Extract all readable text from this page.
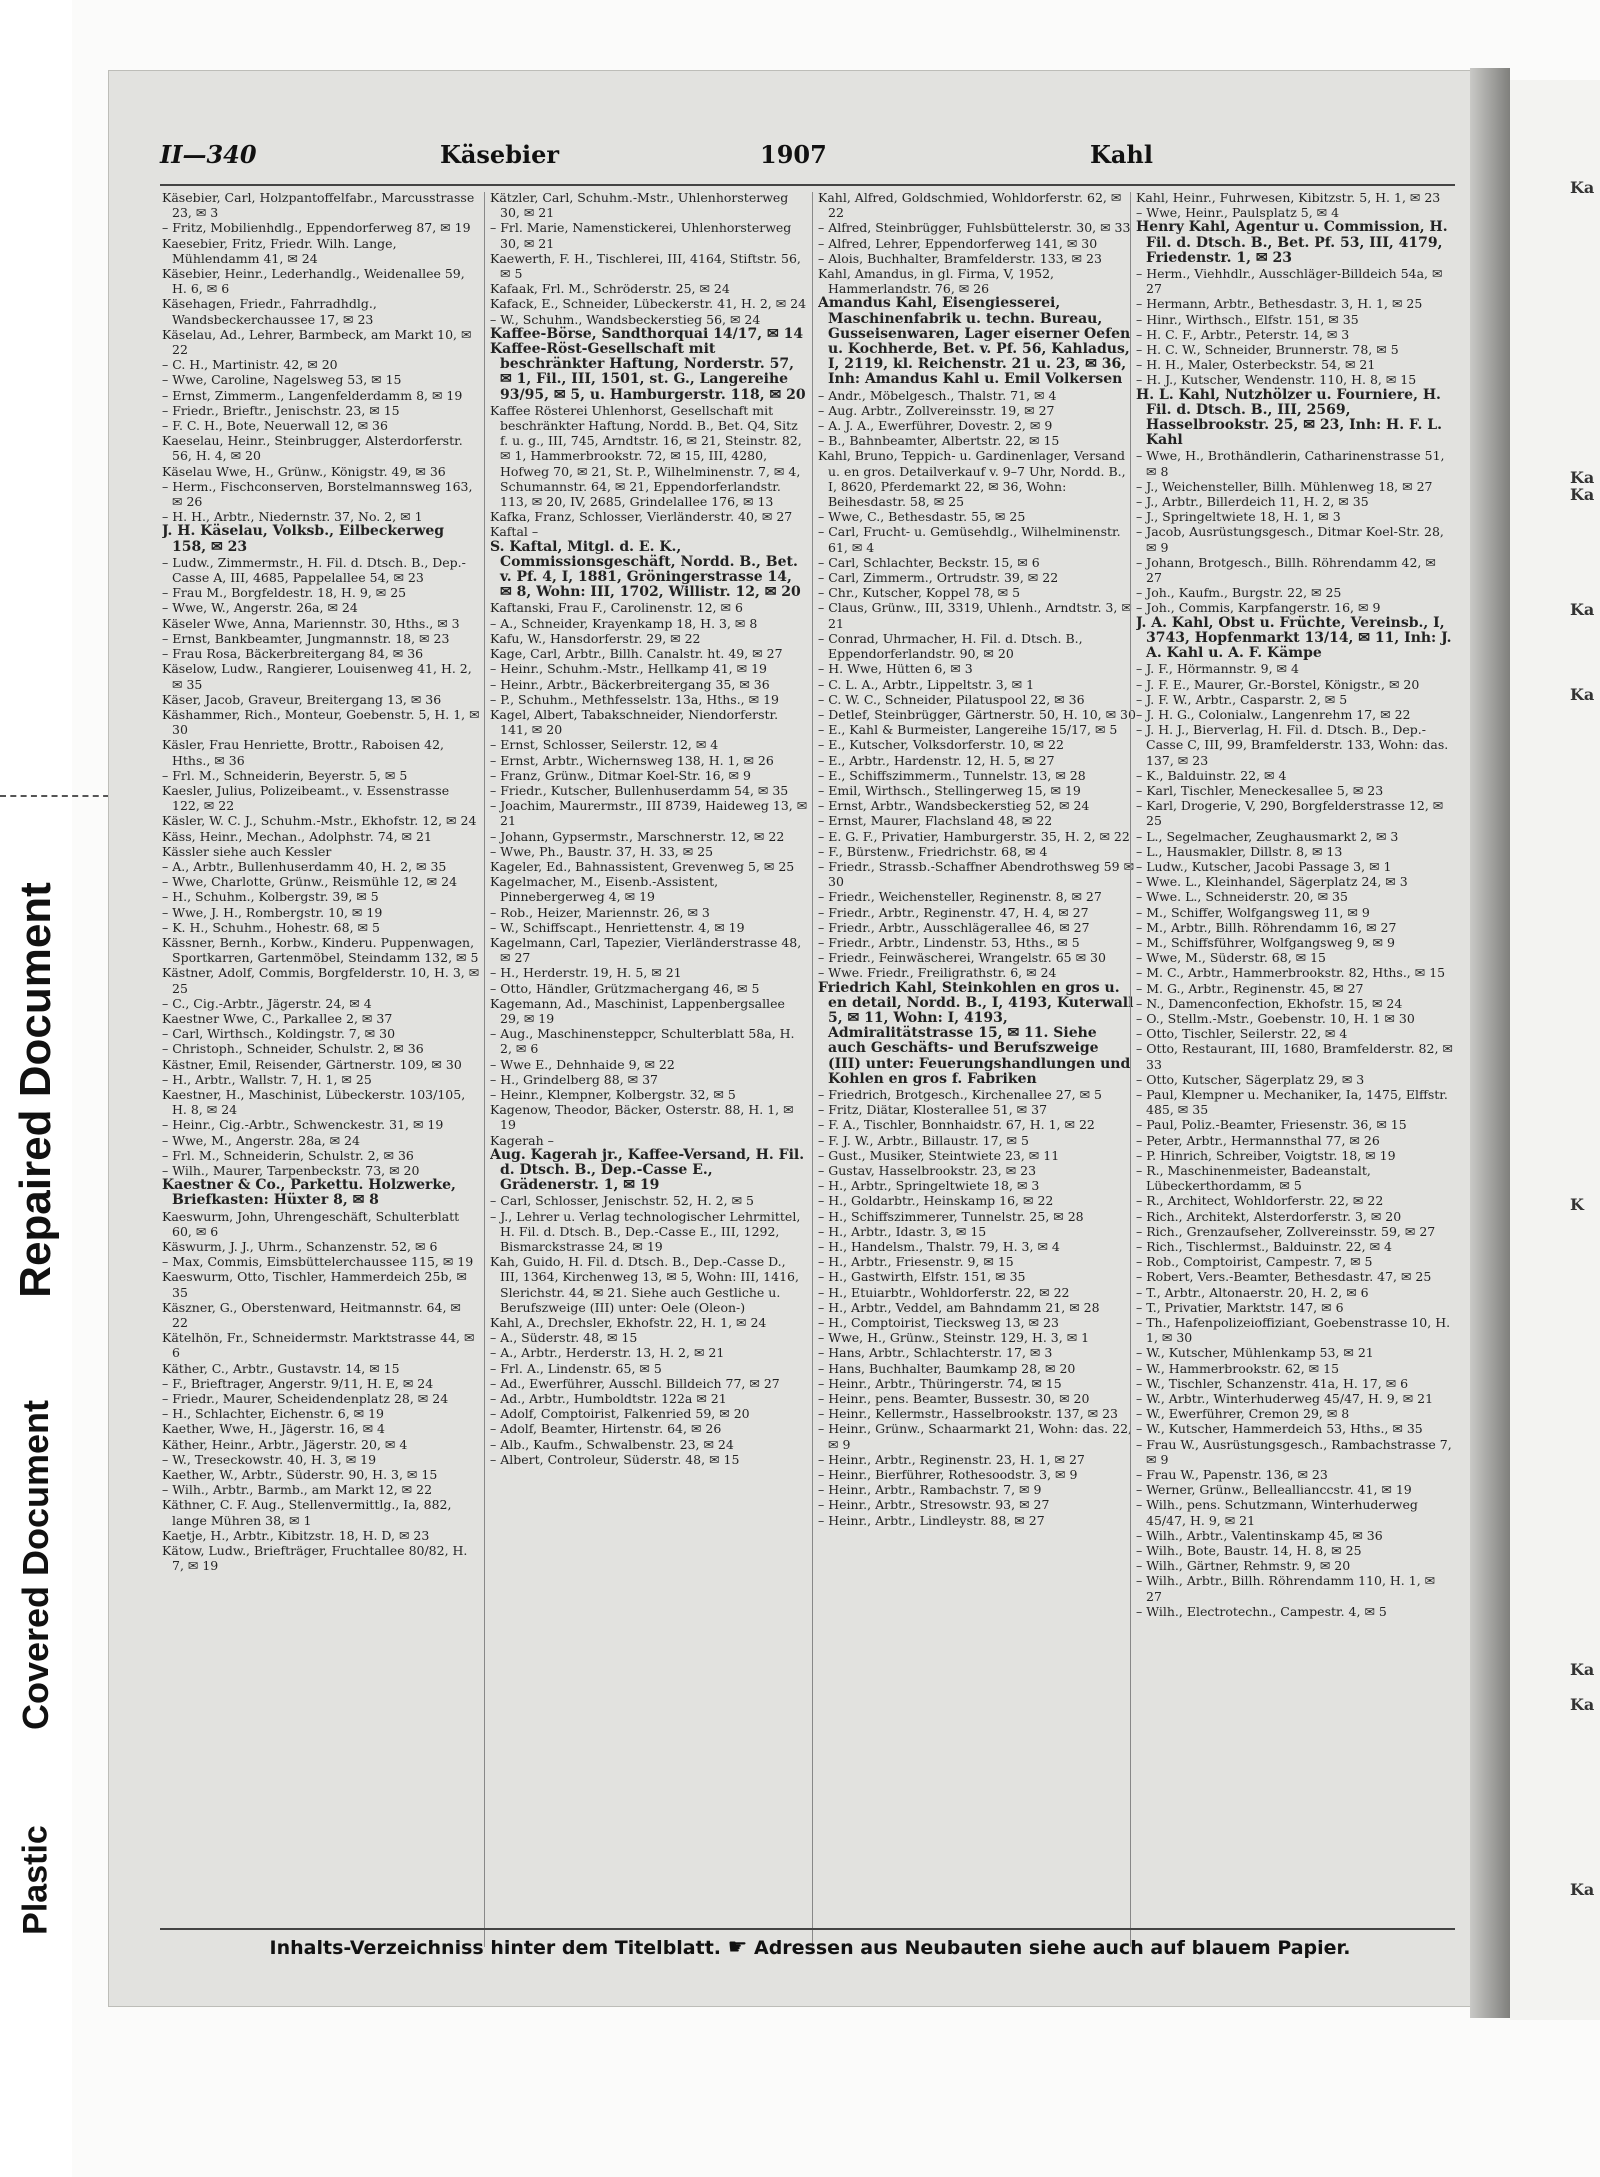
Repaired Document
Covered Document
Plastic
Ka
Ka
Ka
Ka
Ka
K
Ka
Ka
Ka
II—340	Käsebier	1907	Kahl

Käsebier, Carl, Holzpantoffelfabr., Marcusstrasse 23, ✉ 3

– Fritz, Mobilienhdlg., Eppendorferweg 87, ✉ 19

Kaesebier, Fritz, Friedr. Wilh. Lange, Mühlendamm 41, ✉ 24

Käsebier, Heinr., Lederhandlg., Weidenallee 59, H. 6, ✉ 6

Käsehagen, Friedr., Fahrradhdlg., Wandsbeckerchaussee 17, ✉ 23

Käselau, Ad., Lehrer, Barmbeck, am Markt 10, ✉ 22

– C. H., Martinistr. 42, ✉ 20

– Wwe, Caroline, Nagelsweg 53, ✉ 15

– Ernst, Zimmerm., Langenfelderdamm 8, ✉ 19

– Friedr., Brieftr., Jenischstr. 23, ✉ 15

– F. C. H., Bote, Neuerwall 12, ✉ 36

Kaeselau, Heinr., Steinbrugger, Alsterdorferstr. 56, H. 4, ✉ 20

Käselau Wwe, H., Grünw., Königstr. 49, ✉ 36

– Herm., Fischconserven, Borstelmannsweg 163, ✉ 26

– H. H., Arbtr., Niedernstr. 37, No. 2, ✉ 1

J. H. Käselau, Volksb., Eilbeckerweg 158, ✉ 23

– Ludw., Zimmermstr., H. Fil. d. Dtsch. B., Dep.-Casse A, III, 4685, Pappelallee 54, ✉ 23

– Frau M., Borgfeldestr. 18, H. 9, ✉ 25

– Wwe, W., Angerstr. 26a, ✉ 24

Käseler Wwe, Anna, Mariennstr. 30, Hths., ✉ 3

– Ernst, Bankbeamter, Jungmannstr. 18, ✉ 23

– Frau Rosa, Bäckerbreitergang 84, ✉ 36

Käselow, Ludw., Rangierer, Louisenweg 41, H. 2, ✉ 35

Käser, Jacob, Graveur, Breitergang 13, ✉ 36

Käshammer, Rich., Monteur, Goebenstr. 5, H. 1, ✉ 30

Käsler, Frau Henriette, Brottr., Raboisen 42, Hths., ✉ 36

– Frl. M., Schneiderin, Beyerstr. 5, ✉ 5

Kaesler, Julius, Polizeibeamt., v. Essenstrasse 122, ✉ 22

Käsler, W. C. J., Schuhm.-Mstr., Ekhofstr. 12, ✉ 24

Käss, Heinr., Mechan., Adolphstr. 74, ✉ 21

Kässler siehe auch Kessler

– A., Arbtr., Bullenhuserdamm 40, H. 2, ✉ 35

– Wwe, Charlotte, Grünw., Reismühle 12, ✉ 24

– H., Schuhm., Kolbergstr. 39, ✉ 5

– Wwe, J. H., Rombergstr. 10, ✉ 19

– K. H., Schuhm., Hohestr. 68, ✉ 5

Kässner, Bernh., Korbw., Kinderu. Puppenwagen, Sportkarren, Gartenmöbel, Steindamm 132, ✉ 5

Kästner, Adolf, Commis, Borgfelderstr. 10, H. 3, ✉ 25

– C., Cig.-Arbtr., Jägerstr. 24, ✉ 4

Kaestner Wwe, C., Parkallee 2, ✉ 37

– Carl, Wirthsch., Koldingstr. 7, ✉ 30

– Christoph., Schneider, Schulstr. 2, ✉ 36

Kästner, Emil, Reisender, Gärtnerstr. 109, ✉ 30

– H., Arbtr., Wallstr. 7, H. 1, ✉ 25

Kaestner, H., Maschinist, Lübeckerstr. 103/105, H. 8, ✉ 24

– Heinr., Cig.-Arbtr., Schwenckestr. 31, ✉ 19

– Wwe, M., Angerstr. 28a, ✉ 24

– Frl. M., Schneiderin, Schulstr. 2, ✉ 36

– Wilh., Maurer, Tarpenbeckstr. 73, ✉ 20

Kaestner & Co., Parkettu. Holzwerke, Briefkasten: Hüxter 8, ✉ 8

Kaeswurm, John, Uhrengeschäft, Schulterblatt 60, ✉ 6

Käswurm, J. J., Uhrm., Schanzenstr. 52, ✉ 6

– Max, Commis, Eimsbüttelerchaussee 115, ✉ 19

Kaeswurm, Otto, Tischler, Hammerdeich 25b, ✉ 35

Käszner, G., Oberstenward, Heitmannstr. 64, ✉ 22

Kätelhön, Fr., Schneidermstr. Marktstrasse 44, ✉ 6

Käther, C., Arbtr., Gustavstr. 14, ✉ 15

– F., Brieftrager, Angerstr. 9/11, H. E, ✉ 24

– Friedr., Maurer, Scheidendenplatz 28, ✉ 24

– H., Schlachter, Eichenstr. 6, ✉ 19

Kaether, Wwe, H., Jägerstr. 16, ✉ 4

Käther, Heinr., Arbtr., Jägerstr. 20, ✉ 4

– W., Treseckowstr. 40, H. 3, ✉ 19

Kaether, W., Arbtr., Süderstr. 90, H. 3, ✉ 15

– Wilh., Arbtr., Barmb., am Markt 12, ✉ 22

Käthner, C. F. Aug., Stellenvermittlg., Ia, 882, lange Mühren 38, ✉ 1

Kaetje, H., Arbtr., Kibitzstr. 18, H. D, ✉ 23

Kätow, Ludw., Briefträger, Fruchtallee 80/82, H. 7, ✉ 19

Kätzler, Carl, Schuhm.-Mstr., Uhlenhorsterweg 30, ✉ 21

– Frl. Marie, Namenstickerei, Uhlenhorsterweg 30, ✉ 21

Kaewerth, F. H., Tischlerei, III, 4164, Stiftstr. 56, ✉ 5

Kafaak, Frl. M., Schröderstr. 25, ✉ 24

Kafack, E., Schneider, Lübeckerstr. 41, H. 2, ✉ 24

– W., Schuhm., Wandsbeckerstieg 56, ✉ 24

Kaffee-Börse, Sandthorquai 14/17, ✉ 14

Kaffee-Röst-Gesellschaft mit beschränkter Haftung, Norderstr. 57, ✉ 1, Fil., III, 1501, st. G., Langereihe 93/95, ✉ 5, u. Hamburgerstr. 118, ✉ 20

Kaffee Rösterei Uhlenhorst, Gesellschaft mit beschränkter Haftung, Nordd. B., Bet. Q4, Sitz f. u. g., III, 745, Arndtstr. 16, ✉ 21, Steinstr. 82, ✉ 1, Hammerbrookstr. 72, ✉ 15, III, 4280, Hofweg 70, ✉ 21, St. P., Wilhelminenstr. 7, ✉ 4, Schumannstr. 64, ✉ 21, Eppendorferlandstr. 113, ✉ 20, IV, 2685, Grindelallee 176, ✉ 13

Kafka, Franz, Schlosser, Vierländerstr. 40, ✉ 27

Kaftal –

S. Kaftal, Mitgl. d. E. K., Commissionsgeschäft, Nordd. B., Bet. v. Pf. 4, I, 1881, Gröningerstrasse 14, ✉ 8, Wohn: III, 1702, Willistr. 12, ✉ 20

Kaftanski, Frau F., Carolinenstr. 12, ✉ 6

– A., Schneider, Krayenkamp 18, H. 3, ✉ 8

Kafu, W., Hansdorferstr. 29, ✉ 22

Kage, Carl, Arbtr., Billh. Canalstr. ht. 49, ✉ 27

– Heinr., Schuhm.-Mstr., Hellkamp 41, ✉ 19

– Heinr., Arbtr., Bäckerbreitergang 35, ✉ 36

– P., Schuhm., Methfesselstr. 13a, Hths., ✉ 19

Kagel, Albert, Tabakschneider, Niendorferstr. 141, ✉ 20

– Ernst, Schlosser, Seilerstr. 12, ✉ 4

– Ernst, Arbtr., Wichernsweg 138, H. 1, ✉ 26

– Franz, Grünw., Ditmar Koel-Str. 16, ✉ 9

– Friedr., Kutscher, Bullenhuserdamm 54, ✉ 35

– Joachim, Maurermstr., III 8739, Haideweg 13, ✉ 21

– Johann, Gypsermstr., Marschnerstr. 12, ✉ 22

– Wwe, Ph., Baustr. 37, H. 33, ✉ 25

Kageler, Ed., Bahnassistent, Grevenweg 5, ✉ 25

Kagelmacher, M., Eisenb.-Assistent, Pinnebergerweg 4, ✉ 19

– Rob., Heizer, Mariennstr. 26, ✉ 3

– W., Schiffscapt., Henriettenstr. 4, ✉ 19

Kagelmann, Carl, Tapezier, Vierländerstrasse 48, ✉ 27

– H., Herderstr. 19, H. 5, ✉ 21

– Otto, Händler, Grützmachergang 46, ✉ 5

Kagemann, Ad., Maschinist, Lappenbergsallee 29, ✉ 19

– Aug., Maschinensteppcr, Schulterblatt 58a, H. 2, ✉ 6

– Wwe E., Dehnhaide 9, ✉ 22

– H., Grindelberg 88, ✉ 37

– Heinr., Klempner, Kolbergstr. 32, ✉ 5

Kagenow, Theodor, Bäcker, Osterstr. 88, H. 1, ✉ 19

Kagerah –

Aug. Kagerah jr., Kaffee-Versand, H. Fil. d. Dtsch. B., Dep.-Casse E., Grädenerstr. 1, ✉ 19

– Carl, Schlosser, Jenischstr. 52, H. 2, ✉ 5

– J., Lehrer u. Verlag technologischer Lehrmittel, H. Fil. d. Dtsch. B., Dep.-Casse E., III, 1292, Bismarckstrasse 24, ✉ 19

Kah, Guido, H. Fil. d. Dtsch. B., Dep.-Casse D., III, 1364, Kirchenweg 13, ✉ 5, Wohn: III, 1416, Slerichstr. 44, ✉ 21. Siehe auch Gestliche u. Berufszweige (III) unter: Oele (Oleon-)

Kahl, A., Drechsler, Ekhofstr. 22, H. 1, ✉ 24

– A., Süderstr. 48, ✉ 15

– A., Arbtr., Herderstr. 13, H. 2, ✉ 21

– Frl. A., Lindenstr. 65, ✉ 5

– Ad., Ewerführer, Ausschl. Billdeich 77, ✉ 27

– Ad., Arbtr., Humboldtstr. 122a ✉ 21

– Adolf, Comptoirist, Falkenried 59, ✉ 20

– Adolf, Beamter, Hirtenstr. 64, ✉ 26

– Alb., Kaufm., Schwalbenstr. 23, ✉ 24

– Albert, Controleur, Süderstr. 48, ✉ 15

Kahl, Alfred, Goldschmied, Wohldorferstr. 62, ✉ 22

– Alfred, Steinbrügger, Fuhlsbüttelerstr. 30, ✉ 33

– Alfred, Lehrer, Eppendorferweg 141, ✉ 30

– Alois, Buchhalter, Bramfelderstr. 133, ✉ 23

Kahl, Amandus, in gl. Firma, V, 1952, Hammerlandstr. 76, ✉ 26

Amandus Kahl, Eisengiesserei, Maschinenfabrik u. techn. Bureau, Gusseisenwaren, Lager eiserner Oefen u. Kochherde, Bet. v. Pf. 56, Kahladus, I, 2119, kl. Reichenstr. 21 u. 23, ✉ 36, Inh: Amandus Kahl u. Emil Volkersen

– Andr., Möbelgesch., Thalstr. 71, ✉ 4

– Aug. Arbtr., Zollvereinsstr. 19, ✉ 27

– A. J. A., Ewerführer, Dovestr. 2, ✉ 9

– B., Bahnbeamter, Albertstr. 22, ✉ 15

Kahl, Bruno, Teppich- u. Gardinenlager, Versand u. en gros. Detailverkauf v. 9–7 Uhr, Nordd. B., I, 8620, Pferdemarkt 22, ✉ 36, Wohn: Beihesdastr. 58, ✉ 25

– Wwe, C., Bethesdastr. 55, ✉ 25

– Carl, Frucht- u. Gemüsehdlg., Wilhelminenstr. 61, ✉ 4

– Carl, Schlachter, Beckstr. 15, ✉ 6

– Carl, Zimmerm., Ortrudstr. 39, ✉ 22

– Chr., Kutscher, Koppel 78, ✉ 5

– Claus, Grünw., III, 3319, Uhlenh., Arndtstr. 3, ✉ 21

– Conrad, Uhrmacher, H. Fil. d. Dtsch. B., Eppendorferlandstr. 90, ✉ 20

– H. Wwe, Hütten 6, ✉ 3

– C. L. A., Arbtr., Lippeltstr. 3, ✉ 1

– C. W. C., Schneider, Pilatuspool 22, ✉ 36

– Detlef, Steinbrügger, Gärtnerstr. 50, H. 10, ✉ 30

– E., Kahl & Burmeister, Langereihe 15/17, ✉ 5

– E., Kutscher, Volksdorferstr. 10, ✉ 22

– E., Arbtr., Hardenstr. 12, H. 5, ✉ 27

– E., Schiffszimmerm., Tunnelstr. 13, ✉ 28

– Emil, Wirthsch., Stellingerweg 15, ✉ 19

– Ernst, Arbtr., Wandsbeckerstieg 52, ✉ 24

– Ernst, Maurer, Flachsland 48, ✉ 22

– E. G. F., Privatier, Hamburgerstr. 35, H. 2, ✉ 22

– F., Bürstenw., Friedrichstr. 68, ✉ 4

– Friedr., Strassb.-Schaffner Abendrothsweg 59 ✉ 30

– Friedr., Weichensteller, Reginenstr. 8, ✉ 27

– Friedr., Arbtr., Reginenstr. 47, H. 4, ✉ 27

– Friedr., Arbtr., Ausschlägerallee 46, ✉ 27

– Friedr., Arbtr., Lindenstr. 53, Hths., ✉ 5

– Friedr., Feinwäscherei, Wrangelstr. 65 ✉ 30

– Wwe. Friedr., Freiligrathstr. 6, ✉ 24

Friedrich Kahl, Steinkohlen en gros u. en detail, Nordd. B., I, 4193, Kuterwall 5, ✉ 11, Wohn: I, 4193, Admiralitätstrasse 15, ✉ 11. Siehe auch Geschäfts- und Berufszweige (III) unter: Feuerungshandlungen und Kohlen en gros f. Fabriken

– Friedrich, Brotgesch., Kirchenallee 27, ✉ 5

– Fritz, Diätar, Klosterallee 51, ✉ 37

– F. A., Tischler, Bonnhaidstr. 67, H. 1, ✉ 22

– F. J. W., Arbtr., Billaustr. 17, ✉ 5

– Gust., Musiker, Steintwiete 23, ✉ 11

– Gustav, Hasselbrookstr. 23, ✉ 23

– H., Arbtr., Springeltwiete 18, ✉ 3

– H., Goldarbtr., Heinskamp 16, ✉ 22

– H., Schiffszimmerer, Tunnelstr. 25, ✉ 28

– H., Arbtr., Idastr. 3, ✉ 15

– H., Handelsm., Thalstr. 79, H. 3, ✉ 4

– H., Arbtr., Friesenstr. 9, ✉ 15

– H., Gastwirth, Elfstr. 151, ✉ 35

– H., Etuiarbtr., Wohldorferstr. 22, ✉ 22

– H., Arbtr., Veddel, am Bahndamm 21, ✉ 28

– H., Comptoirist, Tiecksweg 13, ✉ 23

– Wwe, H., Grünw., Steinstr. 129, H. 3, ✉ 1

– Hans, Arbtr., Schlachterstr. 17, ✉ 3

– Hans, Buchhalter, Baumkamp 28, ✉ 20

– Heinr., Arbtr., Thüringerstr. 74, ✉ 15

– Heinr., pens. Beamter, Bussestr. 30, ✉ 20

– Heinr., Kellermstr., Hasselbrookstr. 137, ✉ 23

– Heinr., Grünw., Schaarmarkt 21, Wohn: das. 22, ✉ 9

– Heinr., Arbtr., Reginenstr. 23, H. 1, ✉ 27

– Heinr., Bierführer, Rothesoodstr. 3, ✉ 9

– Heinr., Arbtr., Rambachstr. 7, ✉ 9

– Heinr., Arbtr., Stresowstr. 93, ✉ 27

– Heinr., Arbtr., Lindleystr. 88, ✉ 27

Kahl, Heinr., Fuhrwesen, Kibitzstr. 5, H. 1, ✉ 23

– Wwe, Heinr., Paulsplatz 5, ✉ 4

Henry Kahl, Agentur u. Commission, H. Fil. d. Dtsch. B., Bet. Pf. 53, III, 4179, Friedenstr. 1, ✉ 23

– Herm., Viehhdlr., Ausschläger-Billdeich 54a, ✉ 27

– Hermann, Arbtr., Bethesdastr. 3, H. 1, ✉ 25

– Hinr., Wirthsch., Elfstr. 151, ✉ 35

– H. C. F., Arbtr., Peterstr. 14, ✉ 3

– H. C. W., Schneider, Brunnerstr. 78, ✉ 5

– H. H., Maler, Osterbeckstr. 54, ✉ 21

– H. J., Kutscher, Wendenstr. 110, H. 8, ✉ 15

H. L. Kahl, Nutzhölzer u. Fourniere, H. Fil. d. Dtsch. B., III, 2569, Hasselbrookstr. 25, ✉ 23, Inh: H. F. L. Kahl

– Wwe, H., Brothändlerin, Catharinenstrasse 51, ✉ 8

– J., Weichensteller, Billh. Mühlenweg 18, ✉ 27

– J., Arbtr., Billerdeich 11, H. 2, ✉ 35

– J., Springeltwiete 18, H. 1, ✉ 3

– Jacob, Ausrüstungsgesch., Ditmar Koel-Str. 28, ✉ 9

– Johann, Brotgesch., Billh. Röhrendamm 42, ✉ 27

– Joh., Kaufm., Burgstr. 22, ✉ 25

– Joh., Commis, Karpfangerstr. 16, ✉ 9

J. A. Kahl, Obst u. Früchte, Vereinsb., I, 3743, Hopfenmarkt 13/14, ✉ 11, Inh: J. A. Kahl u. A. F. Kämpe

– J. F., Hörmannstr. 9, ✉ 4

– J. F. E., Maurer, Gr.-Borstel, Königstr., ✉ 20

– J. F. W., Arbtr., Casparstr. 2, ✉ 5

– J. H. G., Colonialw., Langenrehm 17, ✉ 22

– J. H. J., Bierverlag, H. Fil. d. Dtsch. B., Dep.-Casse C, III, 99, Bramfelderstr. 133, Wohn: das. 137, ✉ 23

– K., Balduinstr. 22, ✉ 4

– Karl, Tischler, Meneckesallee 5, ✉ 23

– Karl, Drogerie, V, 290, Borgfelderstrasse 12, ✉ 25

– L., Segelmacher, Zeughausmarkt 2, ✉ 3

– L., Hausmakler, Dillstr. 8, ✉ 13

– Ludw., Kutscher, Jacobi Passage 3, ✉ 1

– Wwe. L., Kleinhandel, Sägerplatz 24, ✉ 3

– Wwe. L., Schneiderstr. 20, ✉ 35

– M., Schiffer, Wolfgangsweg 11, ✉ 9

– M., Arbtr., Billh. Röhrendamm 16, ✉ 27

– M., Schiffsführer, Wolfgangsweg 9, ✉ 9

– Wwe, M., Süderstr. 68, ✉ 15

– M. C., Arbtr., Hammerbrookstr. 82, Hths., ✉ 15

– M. G., Arbtr., Reginenstr. 45, ✉ 27

– N., Damenconfection, Ekhofstr. 15, ✉ 24

– O., Stellm.-Mstr., Goebenstr. 10, H. 1 ✉ 30

– Otto, Tischler, Seilerstr. 22, ✉ 4

– Otto, Restaurant, III, 1680, Bramfelderstr. 82, ✉ 33

– Otto, Kutscher, Sägerplatz 29, ✉ 3

– Paul, Klempner u. Mechaniker, Ia, 1475, Elffstr. 485, ✉ 35

– Paul, Poliz.-Beamter, Friesenstr. 36, ✉ 15

– Peter, Arbtr., Hermannsthal 77, ✉ 26

– P. Hinrich, Schreiber, Voigtstr. 18, ✉ 19

– R., Maschinenmeister, Badeanstalt, Lübeckerthordamm, ✉ 5

– R., Architect, Wohldorferstr. 22, ✉ 22

– Rich., Architekt, Alsterdorferstr. 3, ✉ 20

– Rich., Grenzaufseher, Zollvereinsstr. 59, ✉ 27

– Rich., Tischlermst., Balduinstr. 22, ✉ 4

– Rob., Comptoirist, Campestr. 7, ✉ 5

– Robert, Vers.-Beamter, Bethesdastr. 47, ✉ 25

– T., Arbtr., Altonaerstr. 20, H. 2, ✉ 6

– T., Privatier, Marktstr. 147, ✉ 6

– Th., Hafenpolizeioffiziant, Goebenstrasse 10, H. 1, ✉ 30

– W., Kutscher, Mühlenkamp 53, ✉ 21

– W., Hammerbrookstr. 62, ✉ 15

– W., Tischler, Schanzenstr. 41a, H. 17, ✉ 6

– W., Arbtr., Winterhuderweg 45/47, H. 9, ✉ 21

– W., Ewerführer, Cremon 29, ✉ 8

– W., Kutscher, Hammerdeich 53, Hths., ✉ 35

– Frau W., Ausrüstungsgesch., Rambachstrasse 7, ✉ 9

– Frau W., Papenstr. 136, ✉ 23

– Werner, Grünw., Belleallianccstr. 41, ✉ 19

– Wilh., pens. Schutzmann, Winterhuderweg 45/47, H. 9, ✉ 21

– Wilh., Arbtr., Valentinskamp 45, ✉ 36

– Wilh., Bote, Baustr. 14, H. 8, ✉ 25

– Wilh., Gärtner, Rehmstr. 9, ✉ 20

– Wilh., Arbtr., Billh. Röhrendamm 110, H. 1, ✉ 27

– Wilh., Electrotechn., Campestr. 4, ✉ 5

Inhalts-Verzeichniss hinter dem Titelblatt. ☛ Adressen aus Neubauten siehe auch auf blauem Papier.
